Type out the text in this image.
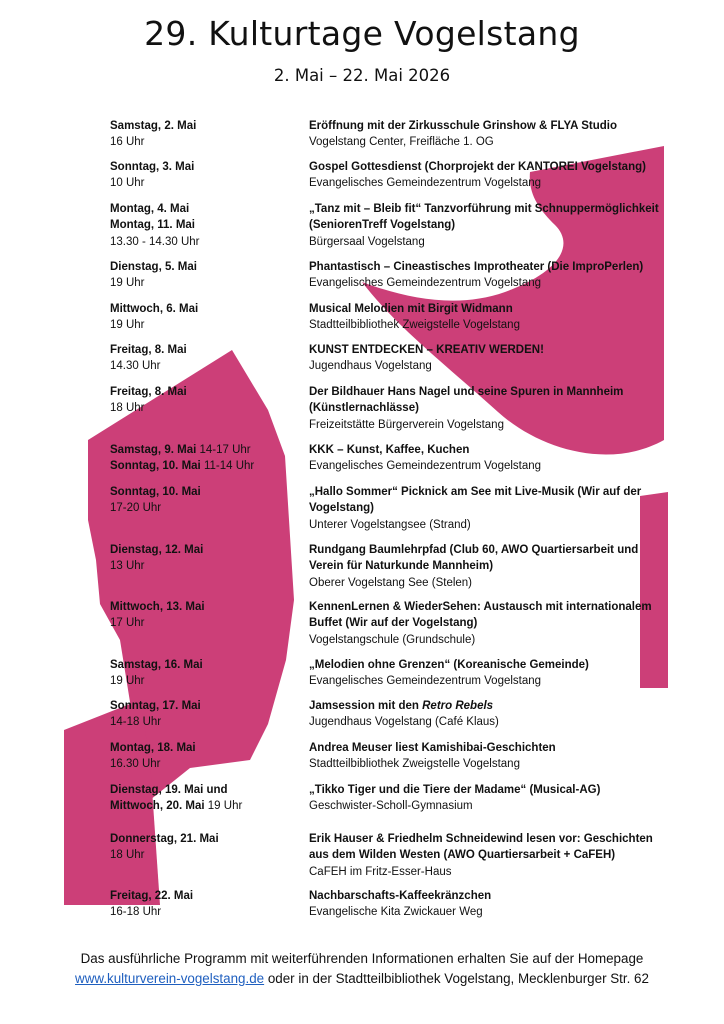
29. Kulturtage Vogelstang
2. Mai – 22. Mai 2026
Samstag, 2. Mai
16 Uhr
Eröffnung mit der Zirkusschule Grinshow & FLYA Studio
Vogelstang Center, Freifläche 1. OG
Sonntag, 3. Mai
10 Uhr
Gospel Gottesdienst (Chorprojekt der KANTOREI Vogelstang)
Evangelisches Gemeindezentrum Vogelstang
Montag, 4. Mai
Montag, 11. Mai
13.30 - 14.30 Uhr
„Tanz mit – Bleib fit“ Tanzvorführung mit Schnuppermöglichkeit (SeniorenTreff Vogelstang)
Bürgersaal Vogelstang
Dienstag, 5. Mai
19 Uhr
Phantastisch – Cineastisches Improtheater (Die ImproPerlen)
Evangelisches Gemeindezentrum Vogelstang
Mittwoch, 6. Mai
19 Uhr
Musical Melodien mit Birgit Widmann
Stadtteilbibliothek Zweigstelle Vogelstang
Freitag, 8. Mai
14.30 Uhr
KUNST ENTDECKEN – KREATIV WERDEN!
Jugendhaus Vogelstang
Freitag, 8. Mai
18 Uhr
Der Bildhauer Hans Nagel und seine Spuren in Mannheim (Künstlernachlässe)
Freizeitstätte Bürgerverein Vogelstang
Samstag, 9. Mai 14-17 Uhr
Sonntag, 10. Mai 11-14 Uhr
KKK – Kunst, Kaffee, Kuchen
Evangelisches Gemeindezentrum Vogelstang
Sonntag, 10. Mai
17-20 Uhr
„Hallo Sommer“ Picknick am See mit Live-Musik (Wir auf der Vogelstang)
Unterer Vogelstangsee (Strand)
Dienstag, 12. Mai
13 Uhr
Rundgang Baumlehrpfad (Club 60, AWO Quartiersarbeit und Verein für Naturkunde Mannheim)
Oberer Vogelstang See (Stelen)
Mittwoch, 13. Mai
17 Uhr
KennenLernen & WiederSehen: Austausch mit internationalem Buffet (Wir auf der Vogelstang)
Vogelstangschule (Grundschule)
Samstag, 16. Mai
19 Uhr
„Melodien ohne Grenzen“ (Koreanische Gemeinde)
Evangelisches Gemeindezentrum Vogelstang
Sonntag, 17. Mai
14-18 Uhr
Jamsession mit den Retro Rebels
Jugendhaus Vogelstang (Café Klaus)
Montag, 18. Mai
16.30 Uhr
Andrea Meuser liest Kamishibai-Geschichten
Stadtteilbibliothek Zweigstelle Vogelstang
Dienstag, 19. Mai und
Mittwoch, 20. Mai 19 Uhr
„Tikko Tiger und die Tiere der Madame“ (Musical-AG)
Geschwister-Scholl-Gymnasium
Donnerstag, 21. Mai
18 Uhr
Erik Hauser & Friedhelm Schneidewind lesen vor: Geschichten aus dem Wilden Westen (AWO Quartiersarbeit + CaFEH)
CaFEH im Fritz-Esser-Haus
Freitag, 22. Mai
16-18 Uhr
Nachbarschafts-Kaffeekränzchen
Evangelische Kita Zwickauer Weg
Das ausführliche Programm mit weiterführenden Informationen erhalten Sie auf der Homepage
www.kulturverein-vogelstang.de oder in der Stadtteilbibliothek Vogelstang, Mecklenburger Str. 62
